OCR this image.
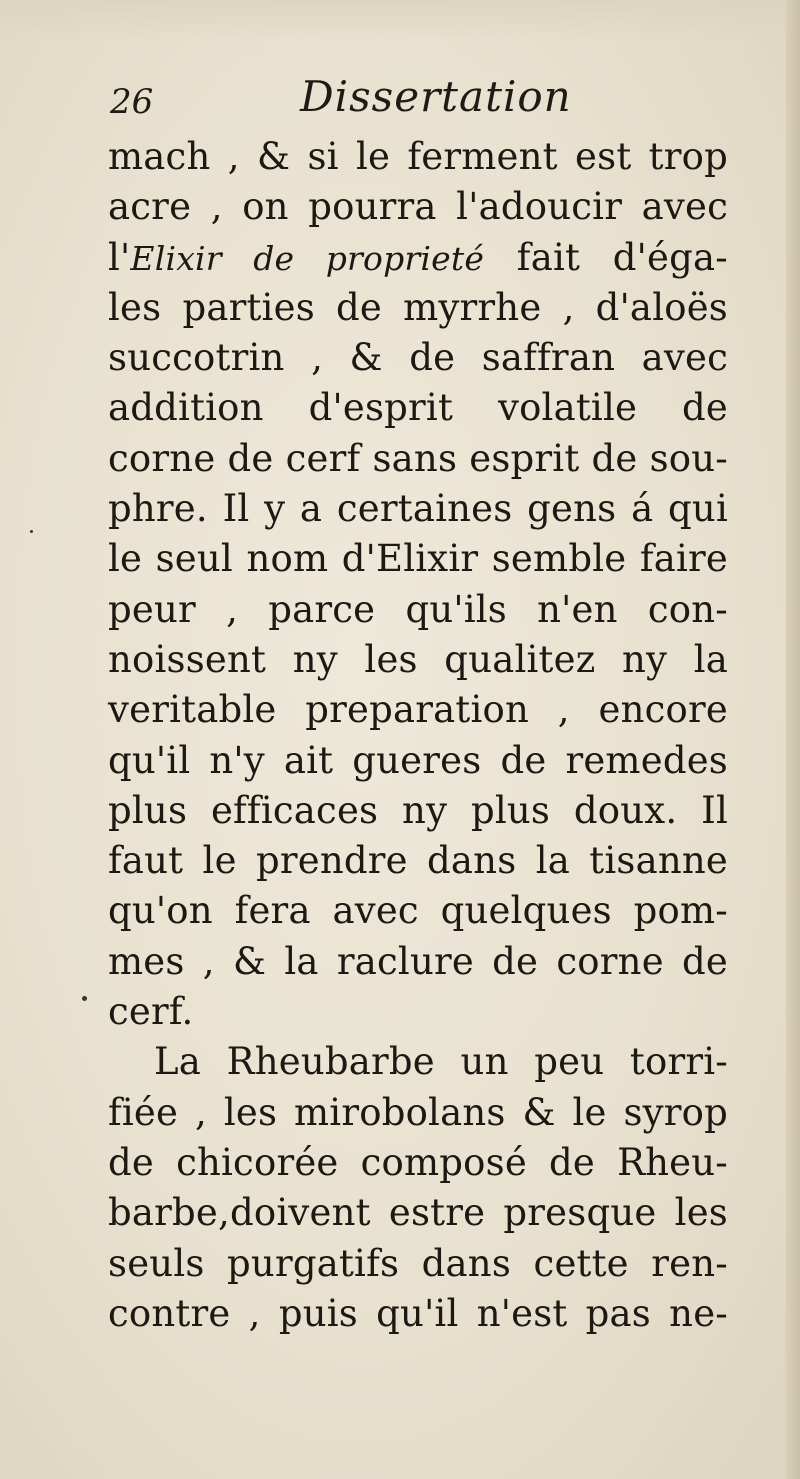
26	Dissertation
mach , & si le ferment est trop
acre , on pourra l'adoucir avec
l'Elixir de proprieté fait d'éga-
les parties de myrrhe , d'aloës
succotrin , & de saffran avec
addition d'esprit volatile de
corne de cerf sans esprit de sou-
phre. Il y a certaines gens á qui
le seul nom d'Elixir semble faire
peur , parce qu'ils n'en con-
noissent ny les qualitez ny la
veritable preparation , encore
qu'il n'y ait gueres de remedes
plus efficaces ny plus doux. Il
faut le prendre dans la tisanne
qu'on fera avec quelques pom-
mes , & la raclure de corne de
cerf.
La Rheubarbe un peu torri-
fiée , les mirobolans & le syrop
de chicorée composé de Rheu-
barbe,doivent estre presque les
seuls purgatifs dans cette ren-
contre , puis qu'il n'est pas ne-
